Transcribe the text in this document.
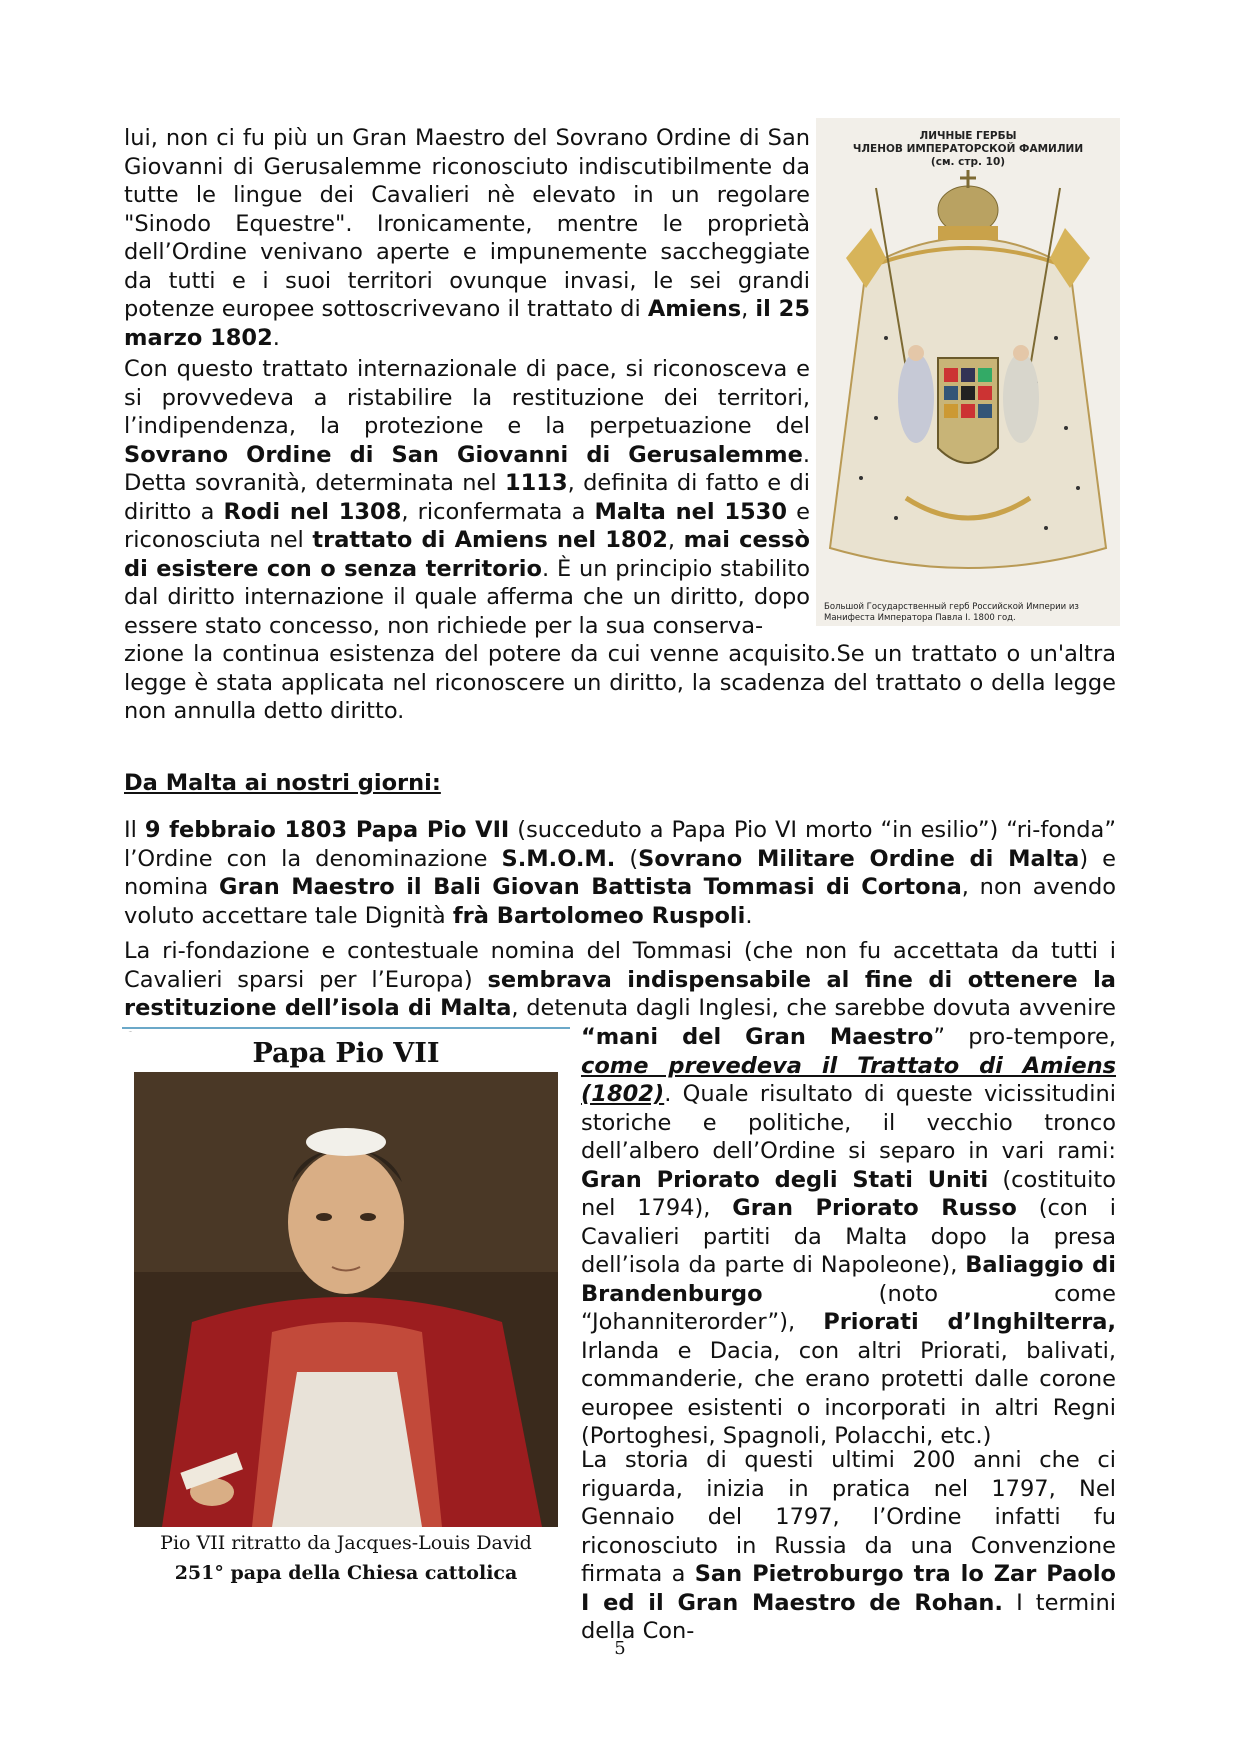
lui, non ci fu più un Gran Maestro del Sovrano Ordine di San Giovanni di Gerusalemme riconosciuto indiscutibilmente da tutte le lingue dei Cavalieri nè elevato in un regolare "Sinodo Equestre". Ironicamente, mentre le proprietà dell’Ordine venivano aperte e impunemente saccheggiate da tutti e i suoi territori ovunque invasi, le sei grandi potenze europee sottoscrivevano il trattato di Amiens, il 25 marzo 1802.

Con questo trattato internazionale di pace, si riconosceva e si provvedeva a ristabilire la restituzione dei territori, l’indipendenza, la protezione e la perpetuazione del Sovrano Ordine di San Giovanni di Gerusalemme. Detta sovranità, determinata nel 1113, definita di fatto e di diritto a Rodi nel 1308, riconfermata a Malta nel 1530 e riconosciuta nel trattato di Amiens nel 1802, mai cessò di esistere con o senza territorio. È un principio stabilito dal diritto internazione il quale afferma che un diritto, dopo essere stato concesso, non richiede per la sua conserva-

zione la continua esistenza del potere da cui venne acquisito.Se un trattato o un'altra legge è stata applicata nel riconoscere un diritto, la scadenza del trattato o della legge non annulla detto diritto.

ЛИЧНЫЕ ГЕРБЫ
ЧЛЕНОВ ИМПЕРАТОРСКОЙ ФАМИЛИИ
(см. стр. 10)
Большой Государственный герб Российской Империи из Манифеста Императора Павла I. 1800 год.
Da Malta ai nostri giorni:

Il 9 febbraio 1803 Papa Pio VII (succeduto a Papa Pio VI morto “in esilio”) “ri-fonda” l’Ordine con la denominazione S.M.O.M. (Sovrano Militare Ordine di Malta) e nomina Gran Maestro il Bali Giovan Battista Tommasi di Cortona, non avendo voluto accettare tale Dignità frà Bartolomeo Ruspoli.

La ri-fondazione e contestuale nomina del Tommasi (che non fu accettata da tutti i Cavalieri sparsi per l’Europa) sembrava indispensabile al fine di ottenere la restituzione dell’isola di Malta, detenuta dagli Inglesi, che sarebbe dovuta avvenire

Papa Pio VII
Pio VII ritratto da Jacques-Louis David
251° papa della Chiesa cattolica

“mani del Gran Maestro” pro-tempore, come prevedeva il Trattato di Amiens (1802). Quale risultato di queste vicissitudini storiche e politiche, il vecchio tronco dell’albero dell’Ordine si separo in vari rami: Gran Priorato degli Stati Uniti (costituito nel 1794), Gran Priorato Russo (con i Cavalieri partiti da Malta dopo la presa dell’isola da parte di Napoleone), Baliaggio di Brandenburgo (noto come “Johanniterorder”), Priorati d’Inghilterra, Irlanda e Dacia, con altri Priorati, balivati, commanderie, che erano protetti dalle corone europee esistenti o incorporati in altri Regni (Portoghesi, Spagnoli, Polacchi, etc.)

La storia di questi ultimi 200 anni che ci riguarda, inizia in pratica nel 1797, Nel Gennaio del 1797, l’Ordine infatti fu riconosciuto in Russia da una Convenzione firmata a San Pietroburgo tra lo Zar Paolo I ed il Gran Maestro de Rohan. I termini della Con-

5
